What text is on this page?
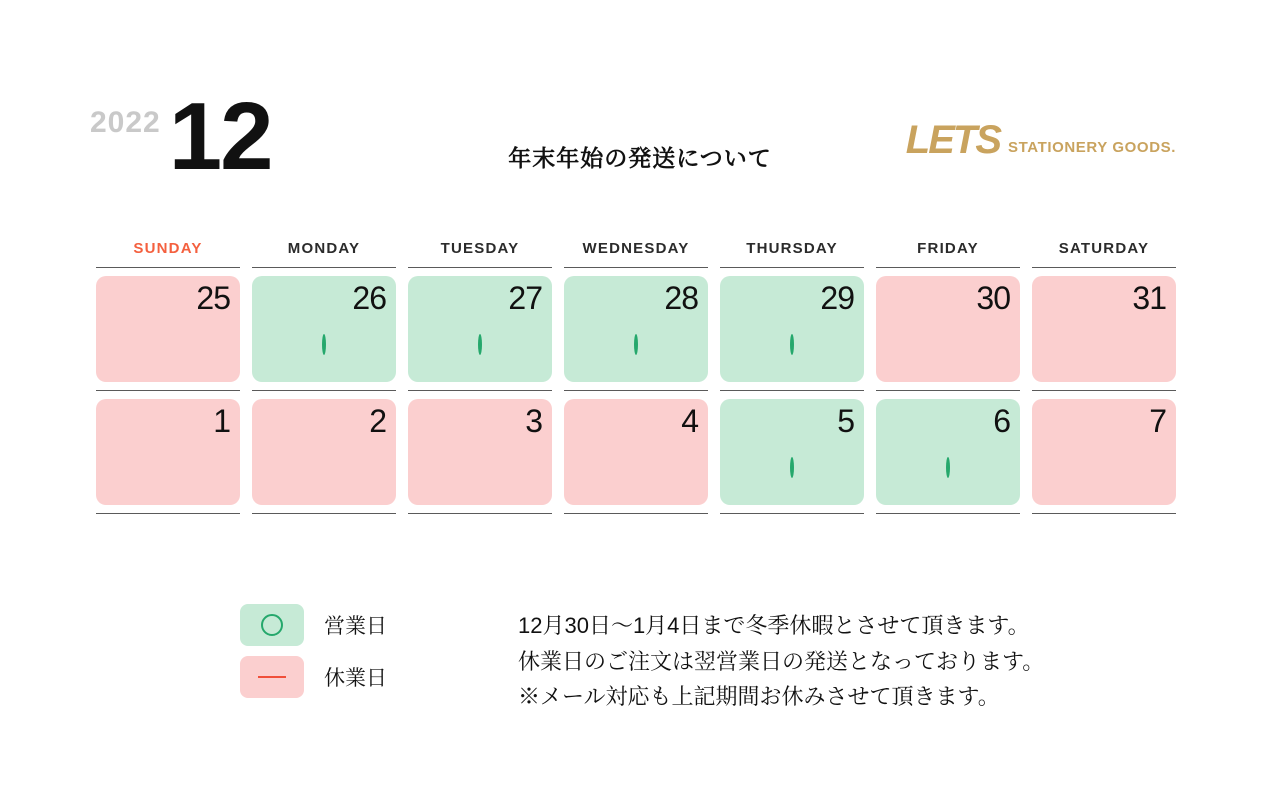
2022 12	年末年始の発送について	LETS STATIONERY GOODS.
SUNDAY	MONDAY	TUESDAY	WEDNESDAY	THURSDAY	FRIDAY	SATURDAY
25	26	27	28	29	30	31
1	2	3	4	5	6	7
営業日
休業日
12月30日〜1月4日まで冬季休暇とさせて頂きます。
休業日のご注文は翌営業日の発送となっております。
※メール対応も上記期間お休みさせて頂きます。
